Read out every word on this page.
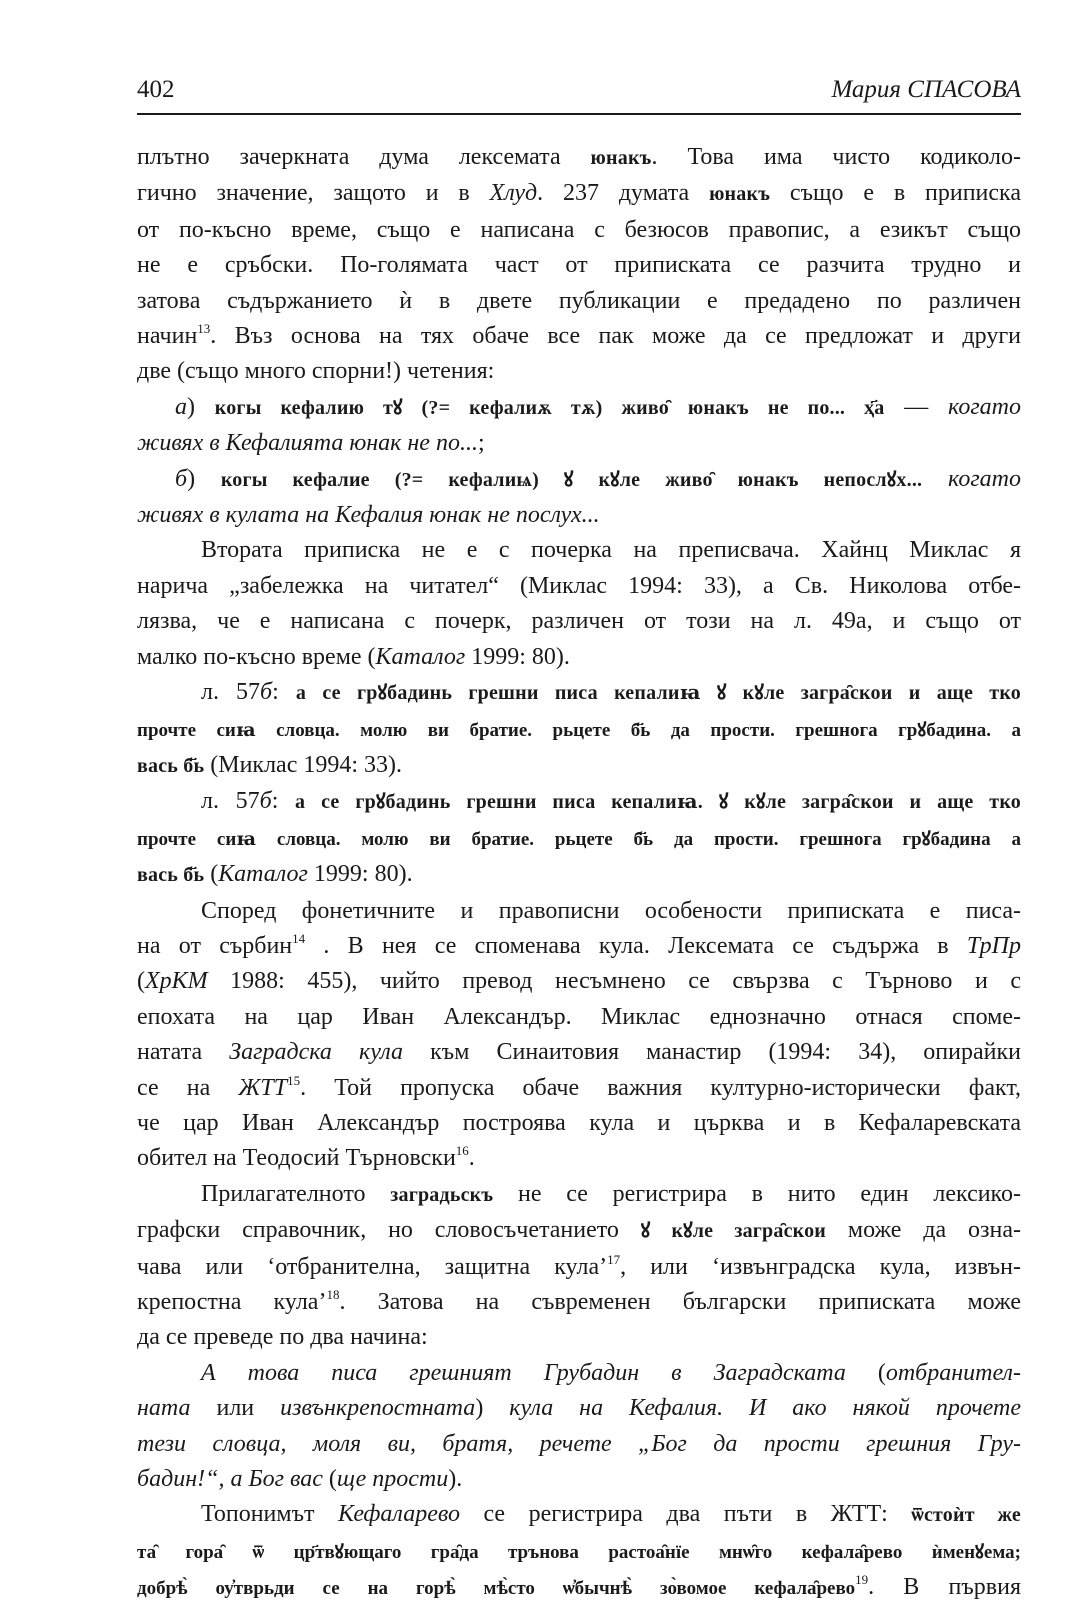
402	Мария СПАСОВА
плътно зачеркната дума лексемата юнакъ. Това има чисто кодиколо-
гично значение, защото и в Хлуд. 237 думата юнакъ също е в приписка
от по-късно време, също е написана с безюсов правопис, а езикът също
не е сръбски. По-голямата част от приписката се разчита трудно и
затова съдържанието ѝ в двете публикации е предадено по различен
начин$^{13}$. Въз основа на тях обаче все пак може да се предложат и други
две (също много спорни!) четения:
а) когы кефалию тꙋ (?= кефалиѫ тѫ) живо̑ юнакъ не по... ҳ҃а — когато
живях в Кефалията юнак не по...;
б) когы кефалие (?= кефалиѩ) ꙋ кꙋле живо̑ юнакъ непослꙋх... когато
живях в кулата на Кефалия юнак не послух...
Втората приписка не е с почерка на преписвача. Хайнц Миклас я
нарича „забележка на читател“ (Миклас 1994: 33), а Св. Николова отбе-
лязва, че е написана с почерк, различен от този на л. 49а, и също от
малко по-късно време (Каталог 1999: 80).
л. 57б: а се грꙋбадинь грешни писа кепалиꙗ ꙋ кꙋле загра̑скои и аще тко
прочте сиꙗ словца. молю ви братие. рьцете б҃ь да прости. грешнога грꙋбадина. а
вась б҃ь (Миклас 1994: 33).
л. 57б: а се грꙋбадинь грешни писа кепалиꙗ. ꙋ кꙋле загра̑скои и аще тко
прочте сиꙗ словца. молю ви братие. рьцете б҃ь да прости. грешнога грꙋбадина а
вась б҃ь (Каталог 1999: 80).
Според фонетичните и правописни особености приписката е писа-
на от сърбин$^{14}$ . В нея се споменава кула. Лексемата се съдържа в ТрПр
(ХрКМ 1988: 455), чийто превод несъмнено се свързва с Търново и с
епохата на цар Иван Александър. Миклас еднозначно отнася споме-
натата Заградска кула към Синаитовия манастир (1994: 34), опирайки
се на ЖТТ$^{15}$. Той пропуска обаче важния културно-исторически факт,
че цар Иван Александър построява кула и църква и в Кефаларевската
обител на Теодосий Търновски$^{16}$.
Прилагателното заградьскъ не се регистрира в нито един лексико-
графски справочник, но словосъчетанието ꙋ кꙋле загра̑скои може да озна-
чава или ‘отбранителна, защитна кула’$^{17}$, или ‘извънградска кула, извън-
крепостна кула’$^{18}$. Затова на съвременен български приписката може
да се преведе по два начина:
А това писа грешният Грубадин в Заградската (отбранител-
ната или извънкрепостната) кула на Кефалия. И ако някой прочете
тези словца, моля ви, братя, речете „Бог да прости грешния Гру-
бадин!“, а Бог вас (ще прости).
Топонимът Кефаларево се регистрира два пъти в ЖТТ: ѿстоѝт же
та̑ гора̑ ѿ цр҃твꙋющаго гра̑да трънова растоа̑нїе мнѡ̑го кефала̑рево ѝменꙋема;
добрѣ̀ оу҆тврьди се на горѣ̀ мѣ̀сто ѡ҆бычнѣ̀ зо̀вомое кефала̑рево$^{19}$. В първия
